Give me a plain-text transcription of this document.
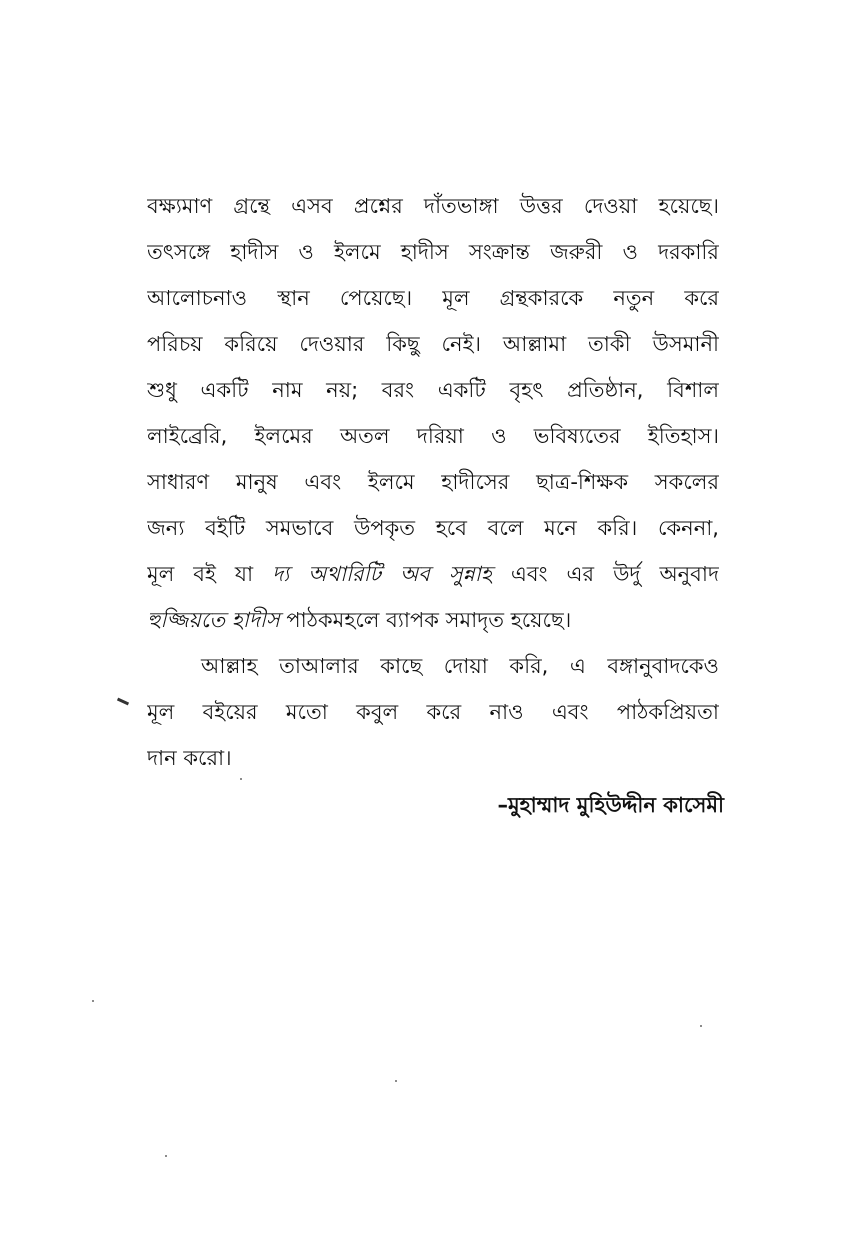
বক্ষ্যমাণ গ্রন্থে এসব প্রশ্নের দাঁতভাঙ্গা উত্তর দেওয়া হয়েছে।
তৎসঙ্গে হাদীস ও ইলমে হাদীস সংক্রান্ত জরুরী ও দরকারি
আলোচনাও স্থান পেয়েছে। মূল গ্রন্থকারকে নতুন করে
পরিচয় করিয়ে দেওয়ার কিছু নেই। আল্লামা তাকী উসমানী
শুধু একটি নাম নয়; বরং একটি বৃহৎ প্রতিষ্ঠান, বিশাল
লাইব্রেরি, ইলমের অতল দরিয়া ও ভবিষ্যতের ইতিহাস।
সাধারণ মানুষ এবং ইলমে হাদীসের ছাত্র-শিক্ষক সকলের
জন্য বইটি সমভাবে উপকৃত হবে বলে মনে করি। কেননা,
মূল বই যা দ্য অথারিটি অব সুন্নাহ এবং এর উর্দু অনুবাদ
হুজ্জিয়তে হাদীস পাঠকমহলে ব্যাপক সমাদৃত হয়েছে।
আল্লাহ তাআলার কাছে দোয়া করি, এ বঙ্গানুবাদকেও
মূল বইয়ের মতো কবুল করে নাও এবং পাঠকপ্রিয়তা
দান করো।
–মুহাম্মাদ মুহিউদ্দীন কাসেমী
